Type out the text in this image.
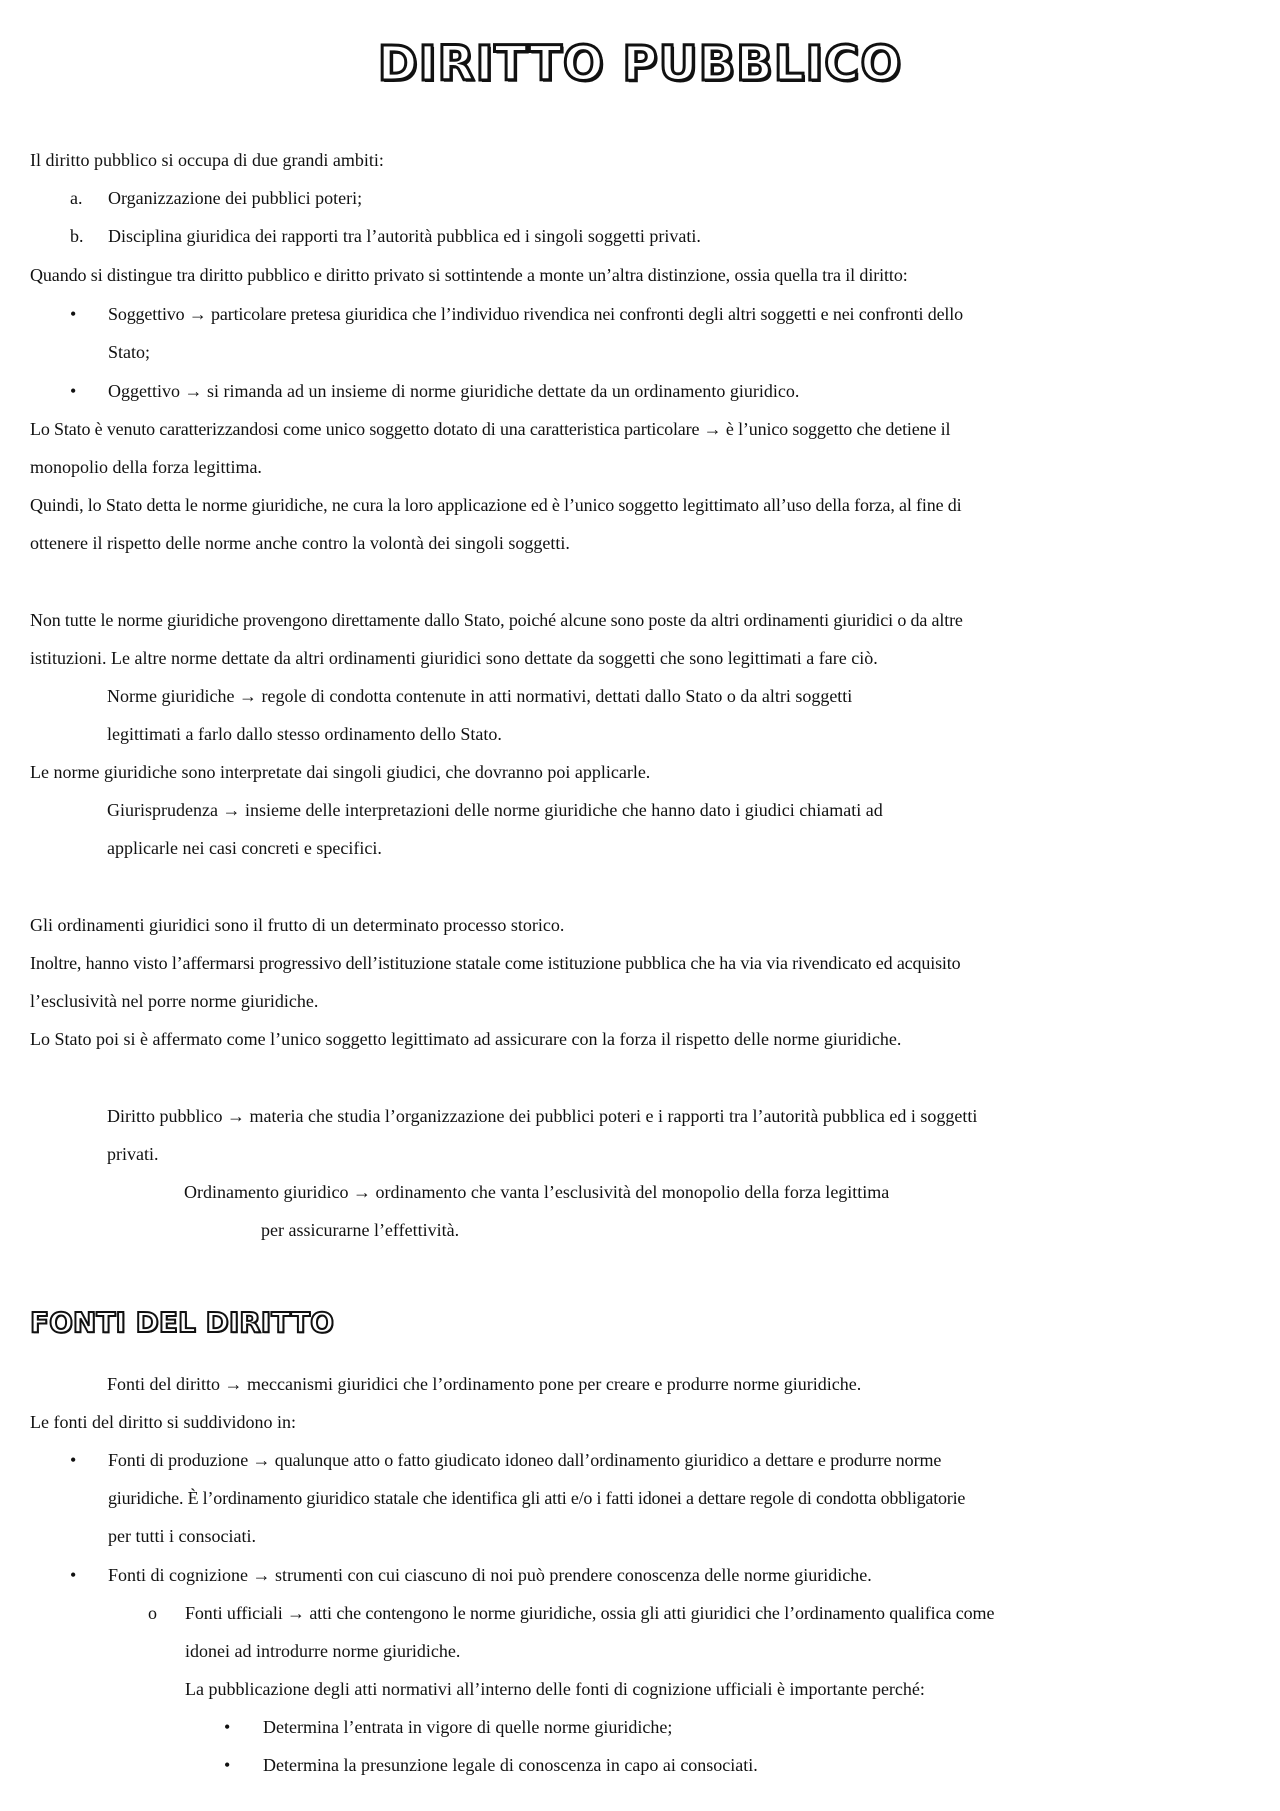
DIRITTO PUBBLICO
Il diritto pubblico si occupa di due grandi ambiti:
a. Organizzazione dei pubblici poteri;
b. Disciplina giuridica dei rapporti tra l’autorità pubblica ed i singoli soggetti privati.
Quando si distingue tra diritto pubblico e diritto privato si sottintende a monte un’altra distinzione, ossia quella tra il diritto:
• Soggettivo → particolare pretesa giuridica che l’individuo rivendica nei confronti degli altri soggetti e nei confronti dello
Stato;
• Oggettivo → si rimanda ad un insieme di norme giuridiche dettate da un ordinamento giuridico.
Lo Stato è venuto caratterizzandosi come unico soggetto dotato di una caratteristica particolare → è l’unico soggetto che detiene il
monopolio della forza legittima.
Quindi, lo Stato detta le norme giuridiche, ne cura la loro applicazione ed è l’unico soggetto legittimato all’uso della forza, al fine di
ottenere il rispetto delle norme anche contro la volontà dei singoli soggetti.
Non tutte le norme giuridiche provengono direttamente dallo Stato, poiché alcune sono poste da altri ordinamenti giuridici o da altre
istituzioni. Le altre norme dettate da altri ordinamenti giuridici sono dettate da soggetti che sono legittimati a fare ciò.
Norme giuridiche → regole di condotta contenute in atti normativi, dettati dallo Stato o da altri soggetti
legittimati a farlo dallo stesso ordinamento dello Stato.
Le norme giuridiche sono interpretate dai singoli giudici, che dovranno poi applicarle.
Giurisprudenza → insieme delle interpretazioni delle norme giuridiche che hanno dato i giudici chiamati ad
applicarle nei casi concreti e specifici.
Gli ordinamenti giuridici sono il frutto di un determinato processo storico.
Inoltre, hanno visto l’affermarsi progressivo dell’istituzione statale come istituzione pubblica che ha via via rivendicato ed acquisito
l’esclusività nel porre norme giuridiche.
Lo Stato poi si è affermato come l’unico soggetto legittimato ad assicurare con la forza il rispetto delle norme giuridiche.
Diritto pubblico → materia che studia l’organizzazione dei pubblici poteri e i rapporti tra l’autorità pubblica ed i soggetti
privati.
Ordinamento giuridico → ordinamento che vanta l’esclusività del monopolio della forza legittima
per assicurarne l’effettività.
FONTI DEL DIRITTO
Fonti del diritto → meccanismi giuridici che l’ordinamento pone per creare e produrre norme giuridiche.
Le fonti del diritto si suddividono in:
• Fonti di produzione → qualunque atto o fatto giudicato idoneo dall’ordinamento giuridico a dettare e produrre norme
giuridiche. È l’ordinamento giuridico statale che identifica gli atti e/o i fatti idonei a dettare regole di condotta obbligatorie
per tutti i consociati.
• Fonti di cognizione → strumenti con cui ciascuno di noi può prendere conoscenza delle norme giuridiche.
o Fonti ufficiali → atti che contengono le norme giuridiche, ossia gli atti giuridici che l’ordinamento qualifica come
idonei ad introdurre norme giuridiche.
La pubblicazione degli atti normativi all’interno delle fonti di cognizione ufficiali è importante perché:
• Determina l’entrata in vigore di quelle norme giuridiche;
• Determina la presunzione legale di conoscenza in capo ai consociati.
